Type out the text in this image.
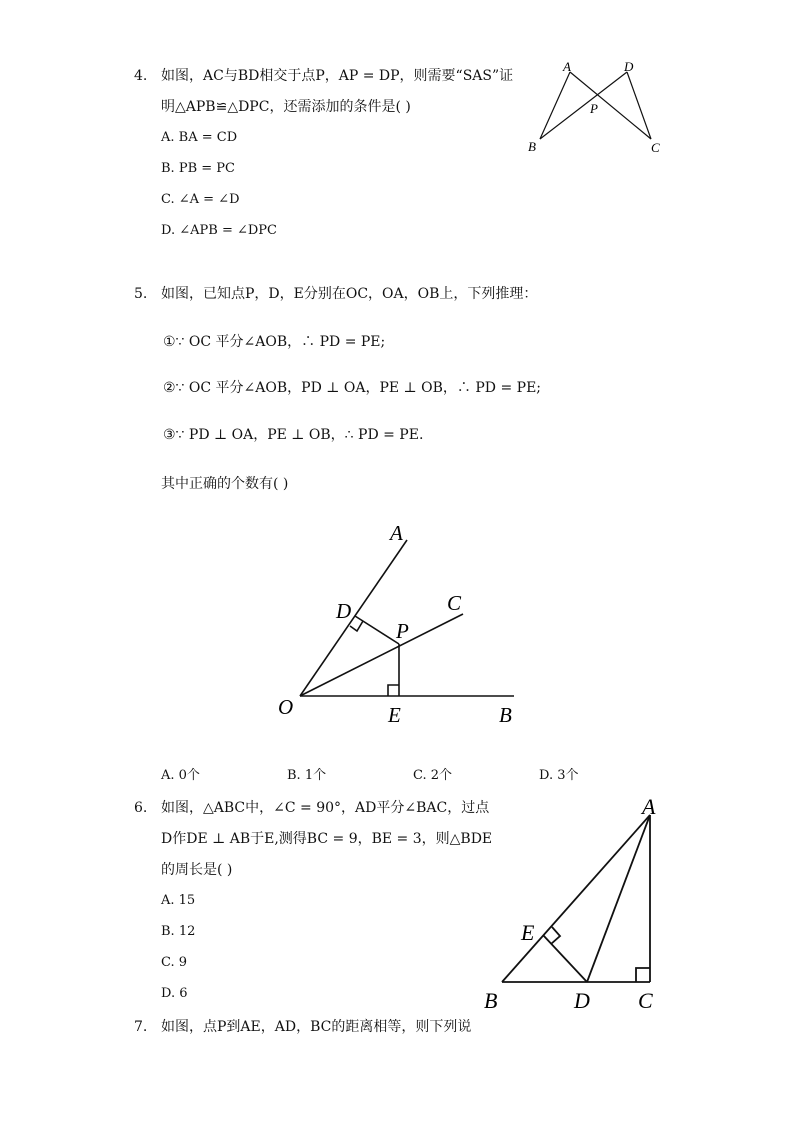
4. 如图，AC与BD相交于点P，AP = DP，则需要“SAS”证
明△APB≌△DPC，还需添加的条件是( )
A. BA = CD
B. PB = PC
C. ∠A = ∠D
D. ∠APB = ∠DPC
A	D
P
B	C
5. 如图，已知点P，D，E分别在OC，OA，OB上，下列推理：
①∵ OC 平分∠AOB，∴ PD = PE;
②∵ OC 平分∠AOB，PD ⊥ OA，PE ⊥ OB，∴ PD = PE;
③∵ PD ⊥ OA，PE ⊥ OB，∴ PD = PE.
其中正确的个数有( )
A
C
D
P
O	E	B
A. 0个	B. 1个	C. 2个	D. 3个
6. 如图，△ABC中，∠C = 90°，AD平分∠BAC，过点
D作DE ⊥ AB于E,测得BC = 9，BE = 3，则△BDE
的周长是( )
A. 15
B. 12
C. 9
D. 6
A
E
B	D C
7. 如图，点P到AE，AD，BC的距离相等，则下列说
